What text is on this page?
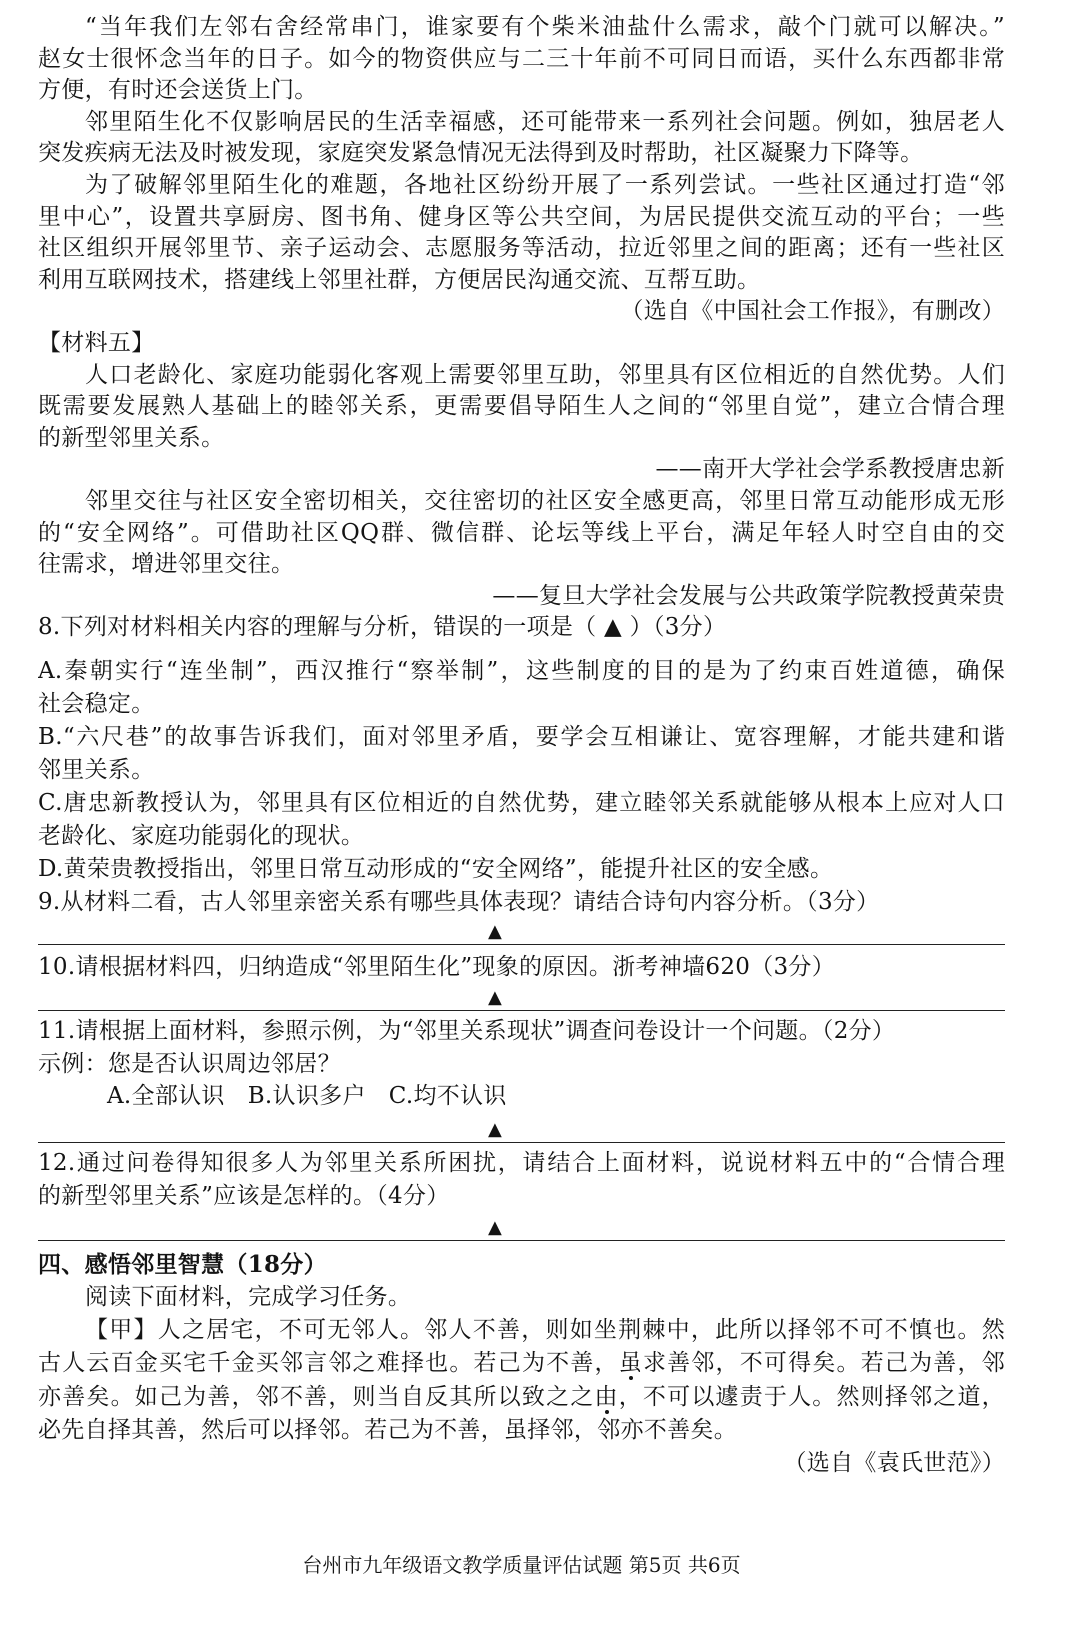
“当年我们左邻右舍经常串门，谁家要有个柴米油盐什么需求，敲个门就可以解决。”
赵女士很怀念当年的日子。如今的物资供应与二三十年前不可同日而语，买什么东西都非常
方便，有时还会送货上门。
邻里陌生化不仅影响居民的生活幸福感，还可能带来一系列社会问题。例如，独居老人
突发疾病无法及时被发现，家庭突发紧急情况无法得到及时帮助，社区凝聚力下降等。
为了破解邻里陌生化的难题，各地社区纷纷开展了一系列尝试。一些社区通过打造“邻
里中心”，设置共享厨房、图书角、健身区等公共空间，为居民提供交流互动的平台；一些
社区组织开展邻里节、亲子运动会、志愿服务等活动，拉近邻里之间的距离；还有一些社区
利用互联网技术，搭建线上邻里社群，方便居民沟通交流、互帮互助。
（选自《中国社会工作报》，有删改）
【材料五】
人口老龄化、家庭功能弱化客观上需要邻里互助，邻里具有区位相近的自然优势。人们
既需要发展熟人基础上的睦邻关系，更需要倡导陌生人之间的“邻里自觉”，建立合情合理
的新型邻里关系。
——南开大学社会学系教授唐忠新
邻里交往与社区安全密切相关，交往密切的社区安全感更高，邻里日常互动能形成无形
的“安全网络”。可借助社区QQ群、微信群、论坛等线上平台，满足年轻人时空自由的交
往需求，增进邻里交往。
——复旦大学社会发展与公共政策学院教授黄荣贵
8.下列对材料相关内容的理解与分析，错误的一项是（ ▲ ）（3分）
A.秦朝实行“连坐制”，西汉推行“察举制”，这些制度的目的是为了约束百姓道德，确保
社会稳定。
B.“六尺巷”的故事告诉我们，面对邻里矛盾，要学会互相谦让、宽容理解，才能共建和谐
邻里关系。
C.唐忠新教授认为，邻里具有区位相近的自然优势，建立睦邻关系就能够从根本上应对人口
老龄化、家庭功能弱化的现状。
D.黄荣贵教授指出，邻里日常互动形成的“安全网络”，能提升社区的安全感。
9.从材料二看，古人邻里亲密关系有哪些具体表现？请结合诗句内容分析。（3分）
▲
10.请根据材料四，归纳造成“邻里陌生化”现象的原因。浙考神墙620（3分）
▲
11.请根据上面材料，参照示例，为“邻里关系现状”调查问卷设计一个问题。（2分）
示例：您是否认识周边邻居？
A.全部认识 B.认识多户 C.均不认识
▲
12.通过问卷得知很多人为邻里关系所困扰，请结合上面材料，说说材料五中的“合情合理
的新型邻里关系”应该是怎样的。（4分）
▲
四、感悟邻里智慧（18分）
阅读下面材料，完成学习任务。
【甲】人之居宅，不可无邻人。邻人不善，则如坐荆棘中，此所以择邻不可不慎也。然
古人云百金买宅千金买邻言邻之难择也。若己为不善，虽求善邻，不可得矣。若己为善，邻
亦善矣。如己为善，邻不善，则当自反其所以致之之由，不可以遽责于人。然则择邻之道，
必先自择其善，然后可以择邻。若己为不善，虽择邻，邻亦不善矣。
（选自《袁氏世范》）
台州市九年级语文教学质量评估试题 第5页 共6页
